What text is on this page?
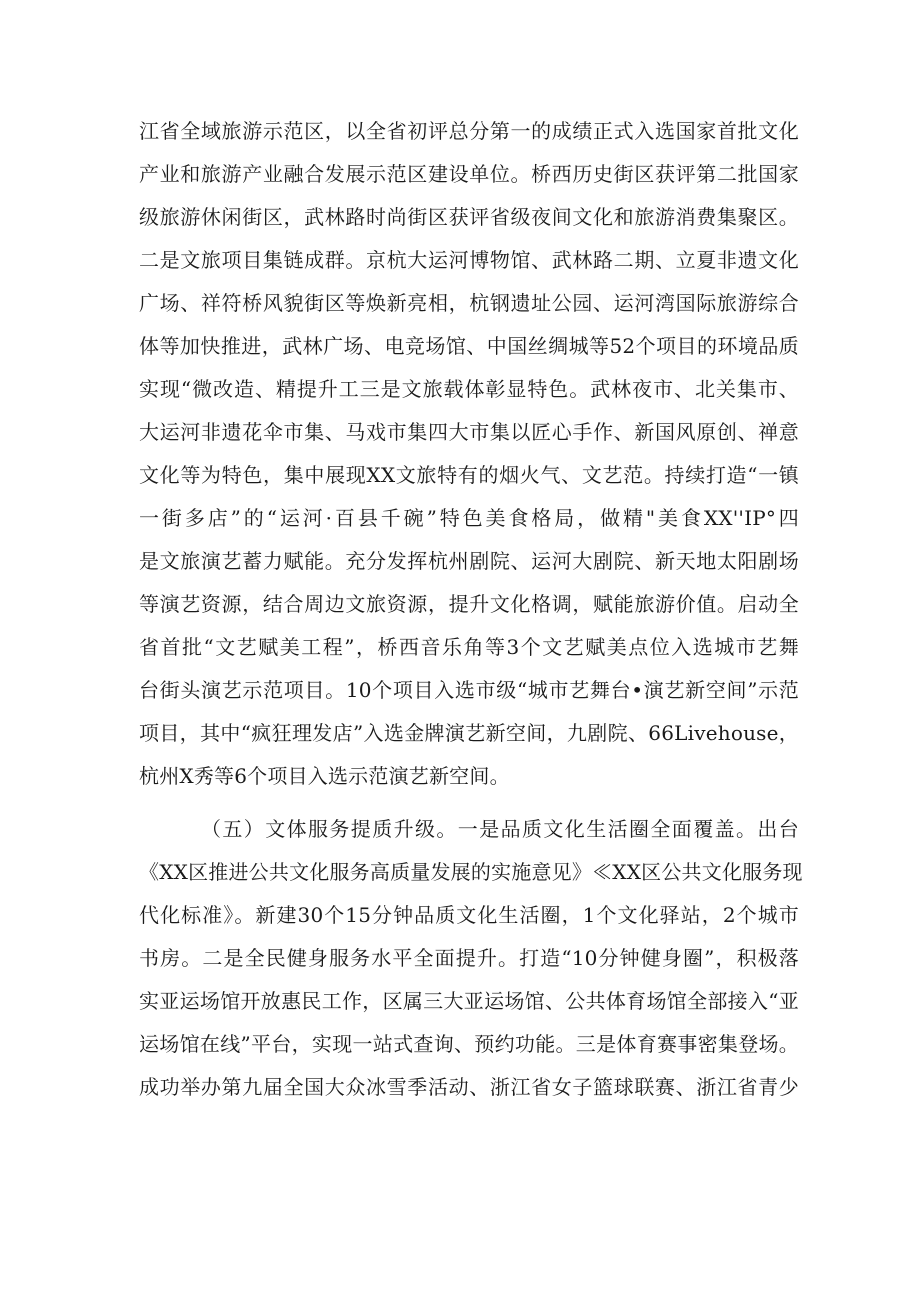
江省全域旅游示范区，以全省初评总分第一的成绩正式入选国家首批文化
产业和旅游产业融合发展示范区建设单位。桥西历史街区获评第二批国家
级旅游休闲街区，武林路时尚街区获评省级夜间文化和旅游消费集聚区。
二是文旅项目集链成群。京杭大运河博物馆、武林路二期、立夏非遗文化
广场、祥符桥风貌街区等焕新亮相，杭钢遗址公园、运河湾国际旅游综合
体等加快推进，武林广场、电竞场馆、中国丝绸城等52个项目的环境品质
实现“微改造、精提升工三是文旅载体彰显特色。武林夜市、北关集市、
大运河非遗花伞市集、马戏市集四大市集以匠心手作、新国风原创、禅意
文化等为特色，集中展现XX文旅特有的烟火气、文艺范。持续打造“一镇
一街多店”的“运河·百县千碗”特色美食格局，做精"美食XX''IP°四
是文旅演艺蓄力赋能。充分发挥杭州剧院、运河大剧院、新天地太阳剧场
等演艺资源，结合周边文旅资源，提升文化格调，赋能旅游价值。启动全
省首批“文艺赋美工程”，桥西音乐角等3个文艺赋美点位入选城市艺舞
台街头演艺示范项目。10个项目入选市级“城市艺舞台•演艺新空间”示范
项目，其中“疯狂理发店”入选金牌演艺新空间，九剧院、66Livehouse，
杭州X秀等6个项目入选示范演艺新空间。
（五）文体服务提质升级。一是品质文化生活圈全面覆盖。出台
《XX区推进公共文化服务高质量发展的实施意见》≪XX区公共文化服务现
代化标准》。新建30个15分钟品质文化生活圈，1个文化驿站，2个城市
书房。二是全民健身服务水平全面提升。打造“10分钟健身圈”，积极落
实亚运场馆开放惠民工作，区属三大亚运场馆、公共体育场馆全部接入“亚
运场馆在线”平台，实现一站式查询、预约功能。三是体育赛事密集登场。
成功举办第九届全国大众冰雪季活动、浙江省女子篮球联赛、浙江省青少
